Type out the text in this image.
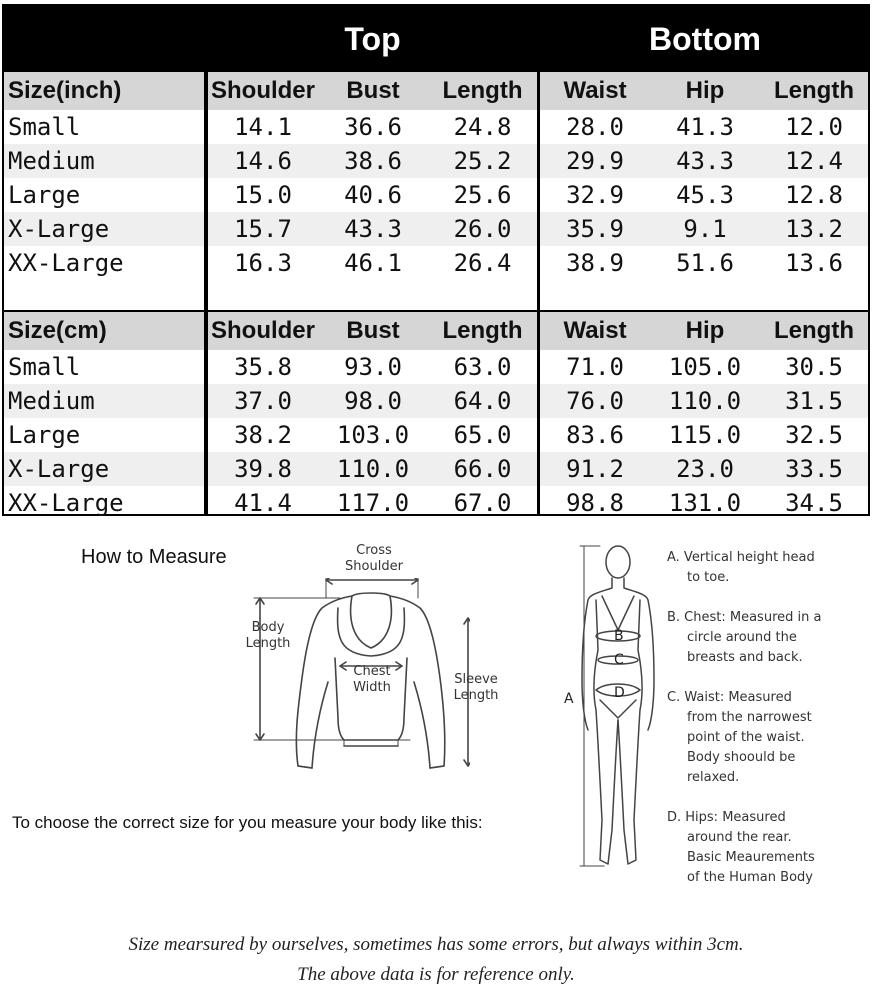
Top	Bottom
Size(inch)	Shoulder	Bust	Length	Waist	Hip	Length
Small	14.1	36.6	24.8	28.0	41.3	12.0
Medium	14.6	38.6	25.2	29.9	43.3	12.4
Large	15.0	40.6	25.6	32.9	45.3	12.8
X-Large	15.7	43.3	26.0	35.9	9.1	13.2
XX-Large	16.3	46.1	26.4	38.9	51.6	13.6
Size(cm)	Shoulder	Bust	Length	Waist	Hip	Length
Small	35.8	93.0	63.0	71.0	105.0	30.5
Medium	37.0	98.0	64.0	76.0	110.0	31.5
Large	38.2	103.0	65.0	83.6	115.0	32.5
X-Large	39.8	110.0	66.0	91.2	23.0	33.5
XX-Large	41.4	117.0	67.0	98.8	131.0	34.5
How to Measure	Cross
Shoulder
Body
Length
Chest
Width
Sleeve
Length
To choose the correct size for you measure your body like this:
A
B
C
D
A. Vertical height head
to toe.
B. Chest: Measured in a
circle around the
breasts and back.
C. Waist: Measured
from the narrowest
point of the waist.
Body shoould be
relaxed.
D. Hips: Measured
around the rear.
Basic Meaurements
of the Human Body
Size mearsured by ourselves, sometimes has some errors, but always within 3cm.
The above data is for reference only.
